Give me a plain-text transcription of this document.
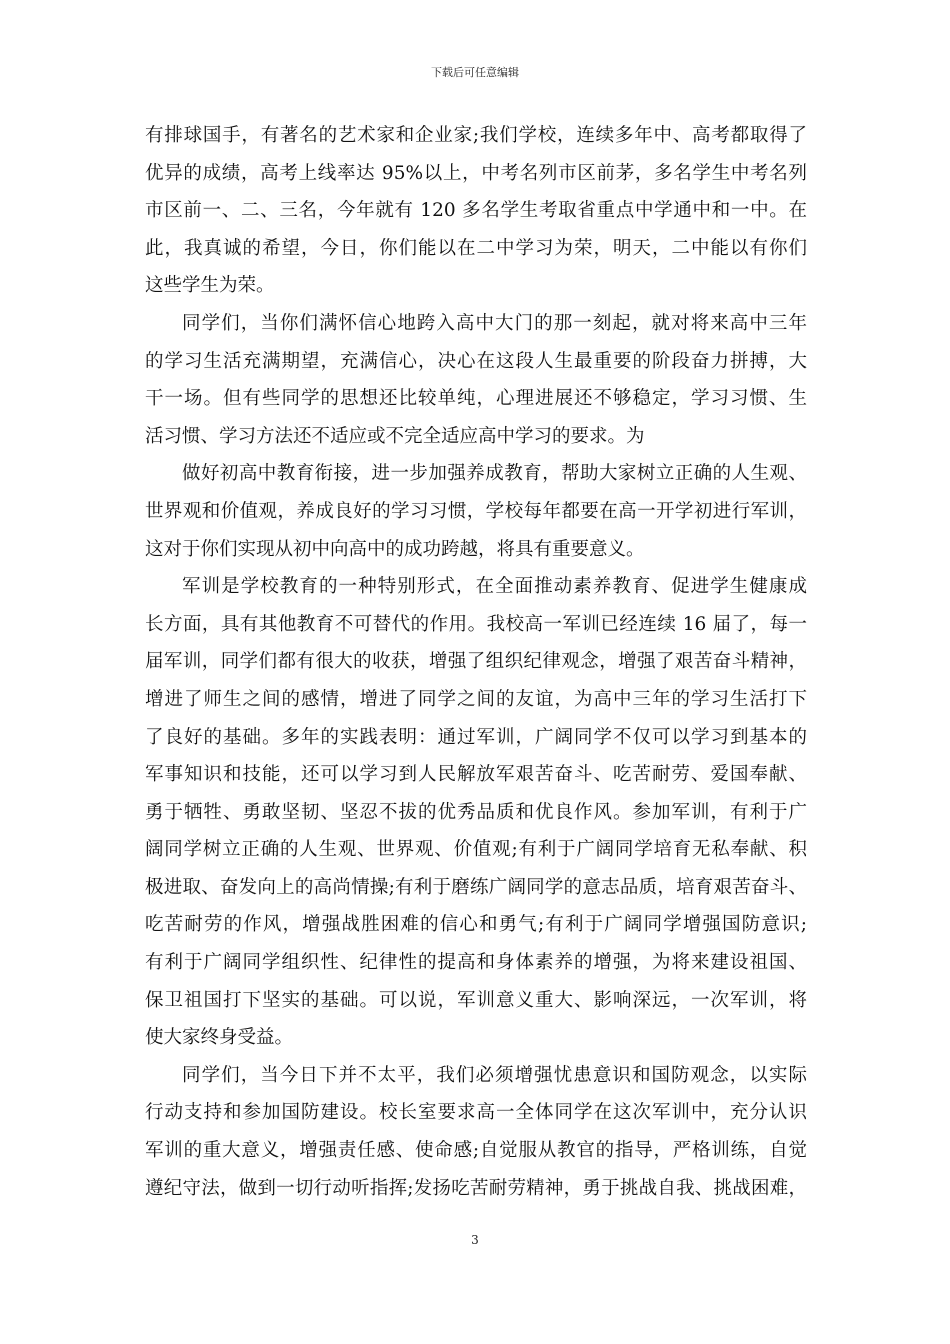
下载后可任意编辑
有排球国手，有著名的艺术家和企业家;我们学校，连续多年中、高考都取得了
优异的成绩，高考上线率达 95%以上，中考名列市区前茅，多名学生中考名列
市区前一、二、三名，今年就有 120 多名学生考取省重点中学通中和一中。在
此，我真诚的希望，今日，你们能以在二中学习为荣，明天，二中能以有你们
这些学生为荣。
同学们，当你们满怀信心地跨入高中大门的那一刻起，就对将来高中三年
的学习生活充满期望，充满信心，决心在这段人生最重要的阶段奋力拼搏，大
干一场。但有些同学的思想还比较单纯，心理进展还不够稳定，学习习惯、生
活习惯、学习方法还不适应或不完全适应高中学习的要求。为
做好初高中教育衔接，进一步加强养成教育，帮助大家树立正确的人生观、
世界观和价值观，养成良好的学习习惯，学校每年都要在高一开学初进行军训，
这对于你们实现从初中向高中的成功跨越，将具有重要意义。
军训是学校教育的一种特别形式，在全面推动素养教育、促进学生健康成
长方面，具有其他教育不可替代的作用。我校高一军训已经连续 16 届了，每一
届军训，同学们都有很大的收获，增强了组织纪律观念，增强了艰苦奋斗精神，
增进了师生之间的感情，增进了同学之间的友谊，为高中三年的学习生活打下
了良好的基础。多年的实践表明：通过军训，广阔同学不仅可以学习到基本的
军事知识和技能，还可以学习到人民解放军艰苦奋斗、吃苦耐劳、爱国奉献、
勇于牺牲、勇敢坚韧、坚忍不拔的优秀品质和优良作风。参加军训，有利于广
阔同学树立正确的人生观、世界观、价值观;有利于广阔同学培育无私奉献、积
极进取、奋发向上的高尚情操;有利于磨练广阔同学的意志品质，培育艰苦奋斗、
吃苦耐劳的作风，增强战胜困难的信心和勇气;有利于广阔同学增强国防意识;
有利于广阔同学组织性、纪律性的提高和身体素养的增强，为将来建设祖国、
保卫祖国打下坚实的基础。可以说，军训意义重大、影响深远，一次军训，将
使大家终身受益。
同学们，当今日下并不太平，我们必须增强忧患意识和国防观念，以实际
行动支持和参加国防建设。校长室要求高一全体同学在这次军训中，充分认识
军训的重大意义，增强责任感、使命感;自觉服从教官的指导，严格训练，自觉
遵纪守法，做到一切行动听指挥;发扬吃苦耐劳精神，勇于挑战自我、挑战困难，
3
